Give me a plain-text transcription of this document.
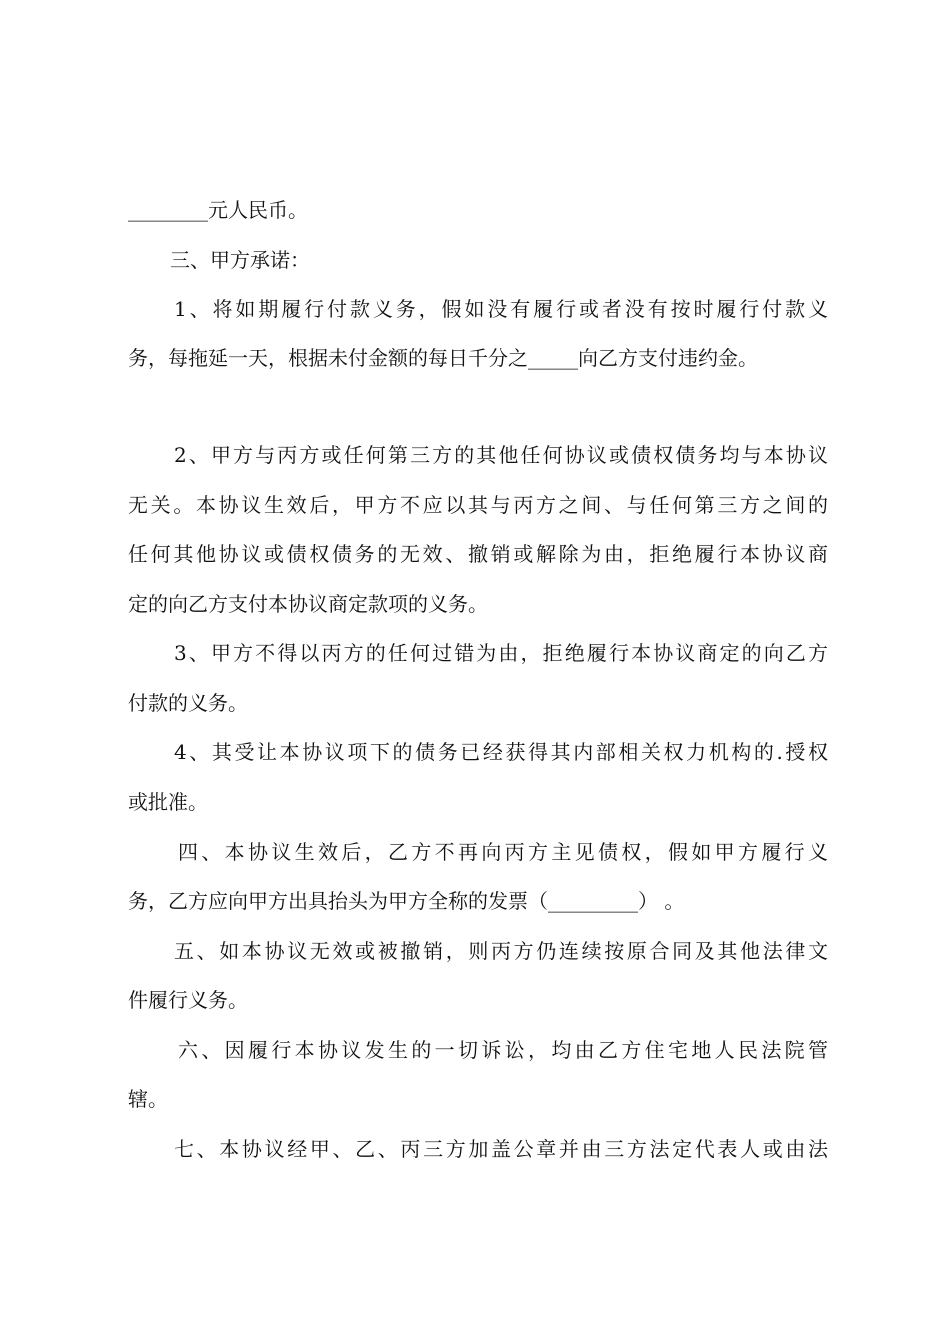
________元人民币。
三、甲方承诺：
1、将如期履行付款义务，假如没有履行或者没有按时履行付款义
务，每拖延一天，根据未付金额的每日千分之_____向乙方支付违约金。
2、甲方与丙方或任何第三方的其他任何协议或债权债务均与本协议
无关。本协议生效后，甲方不应以其与丙方之间、与任何第三方之间的
任何其他协议或债权债务的无效、撤销或解除为由，拒绝履行本协议商
定的向乙方支付本协议商定款项的义务。
3、甲方不得以丙方的任何过错为由，拒绝履行本协议商定的向乙方
付款的义务。
4、其受让本协议项下的债务已经获得其内部相关权力机构的.授权
或批准。
四、本协议生效后，乙方不再向丙方主见债权，假如甲方履行义
务，乙方应向甲方出具抬头为甲方全称的发票（_________） 。
五、如本协议无效或被撤销，则丙方仍连续按原合同及其他法律文
件履行义务。
六、因履行本协议发生的一切诉讼，均由乙方住宅地人民法院管
辖。
七、本协议经甲、乙、丙三方加盖公章并由三方法定代表人或由法
